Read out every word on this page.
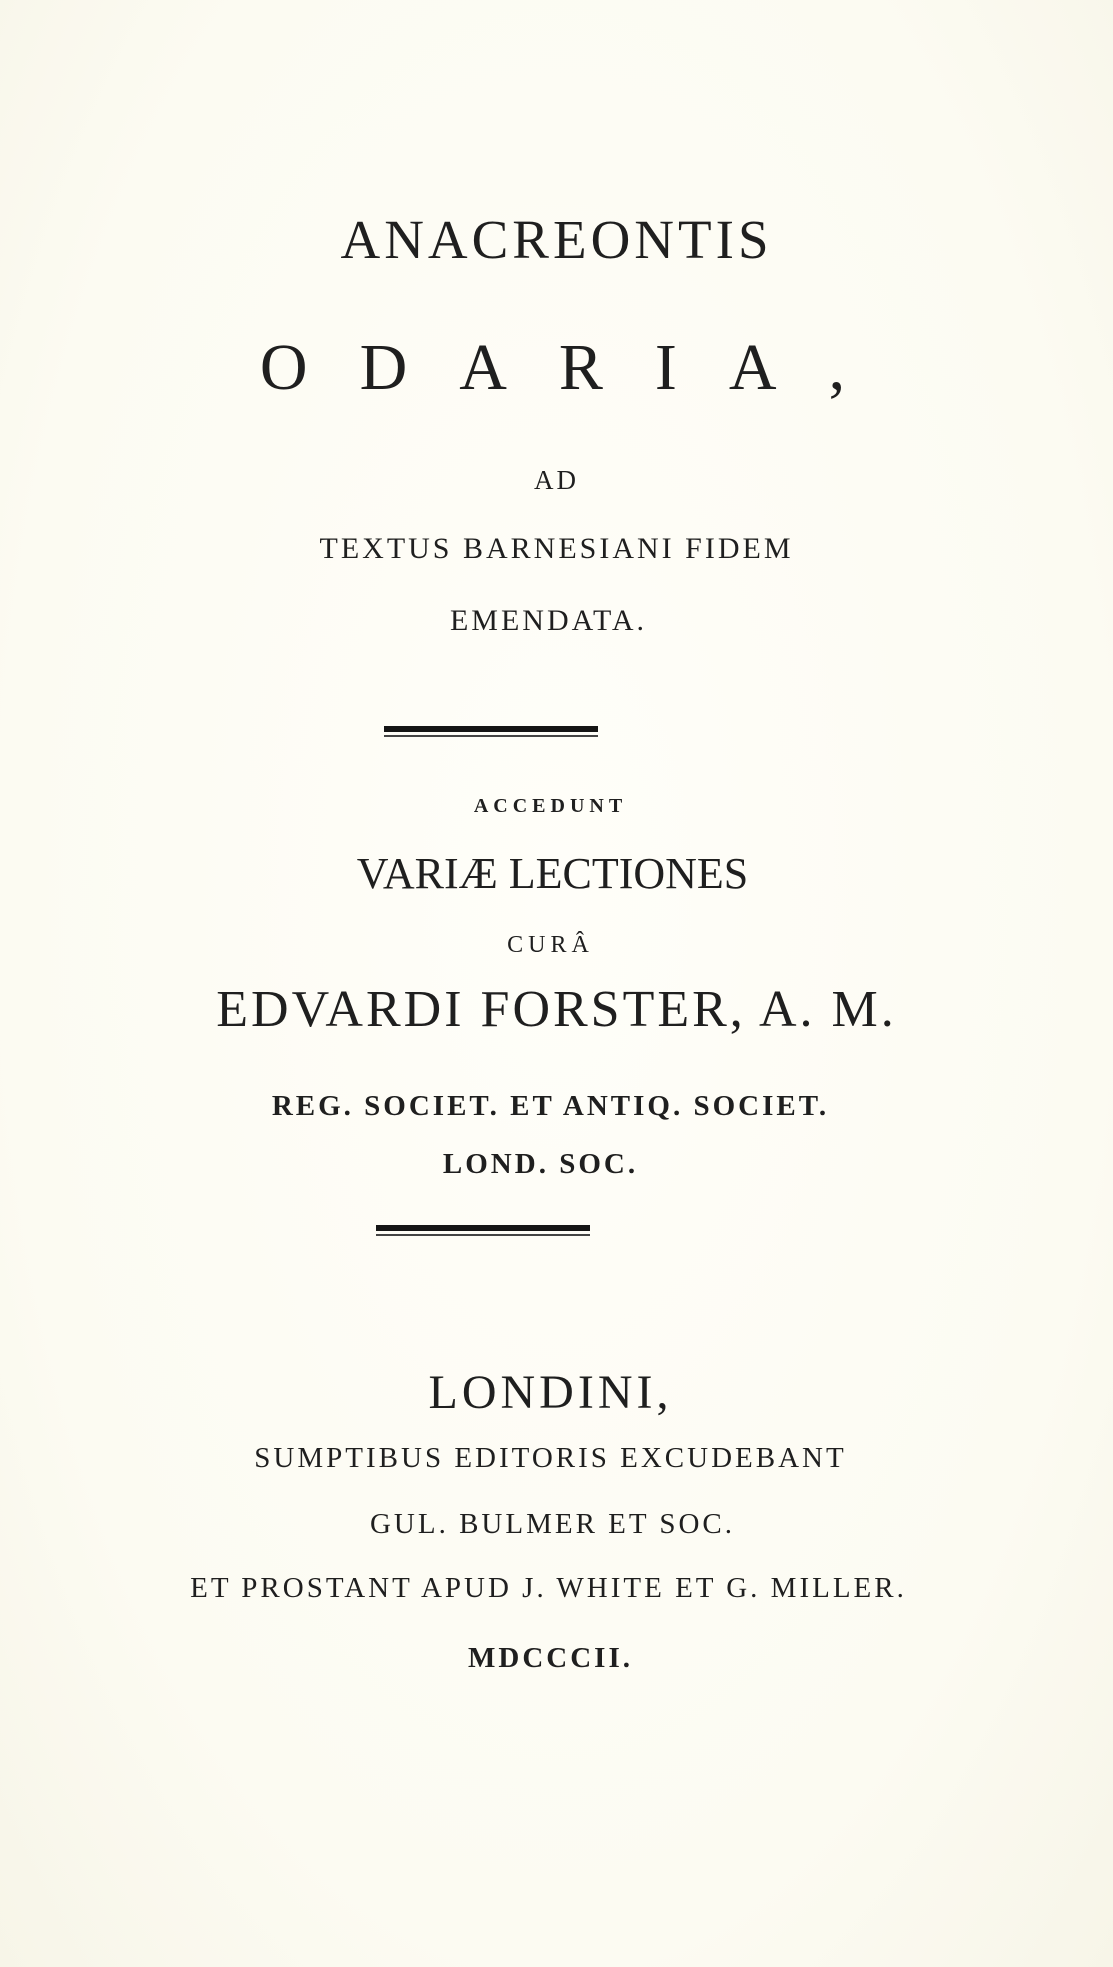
ANACREONTIS
ODARIA,
AD
TEXTUS BARNESIANI FIDEM
EMENDATA.
ACCEDUNT
VARIÆ LECTIONES
CURÂ
EDVARDI FORSTER, A. M.
REG. SOCIET. ET ANTIQ. SOCIET.
LOND. SOC.
LONDINI,
SUMPTIBUS EDITORIS EXCUDEBANT
GUL. BULMER ET SOC.
ET PROSTANT APUD J. WHITE ET G. MILLER.
MDCCCII.
